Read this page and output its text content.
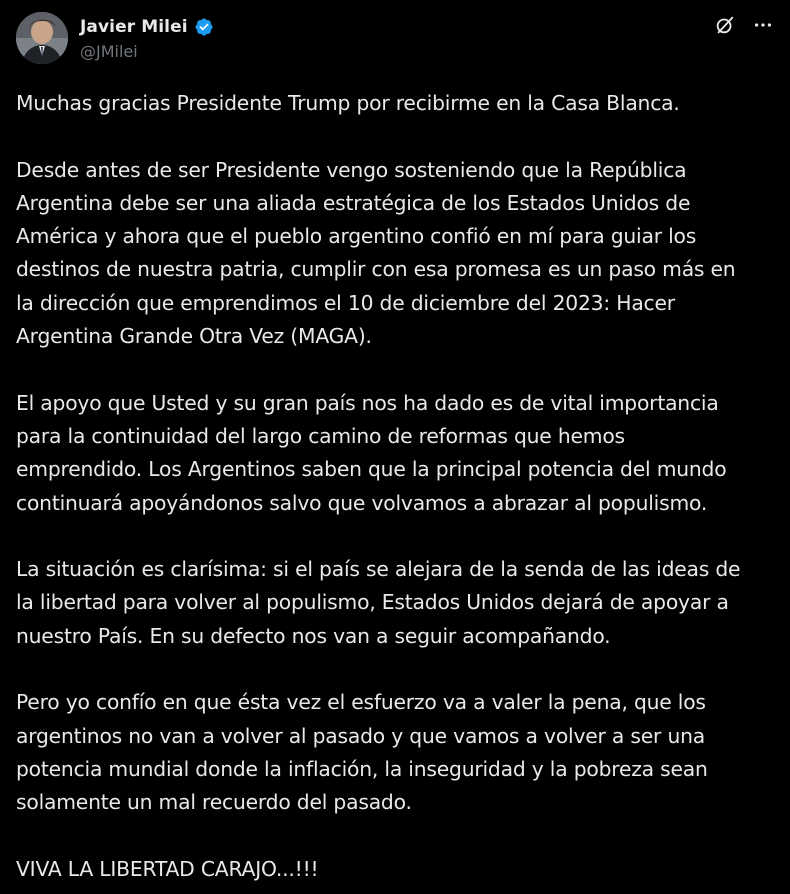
Javier Milei
@JMilei

Muchas gracias Presidente Trump por recibirme en la Casa Blanca.

Desde antes de ser Presidente vengo sosteniendo que la República
Argentina debe ser una aliada estratégica de los Estados Unidos de
América y ahora que el pueblo argentino confió en mí para guiar los
destinos de nuestra patria, cumplir con esa promesa es un paso más en
la dirección que emprendimos el 10 de diciembre del 2023: Hacer
Argentina Grande Otra Vez (MAGA).

El apoyo que Usted y su gran país nos ha dado es de vital importancia
para la continuidad del largo camino de reformas que hemos
emprendido. Los Argentinos saben que la principal potencia del mundo
continuará apoyándonos salvo que volvamos a abrazar al populismo.

La situación es clarísima: si el país se alejara de la senda de las ideas de
la libertad para volver al populismo, Estados Unidos dejará de apoyar a
nuestro País. En su defecto nos van a seguir acompañando.

Pero yo confío en que ésta vez el esfuerzo va a valer la pena, que los
argentinos no van a volver al pasado y que vamos a volver a ser una
potencia mundial donde la inflación, la inseguridad y la pobreza sean
solamente un mal recuerdo del pasado.

VIVA LA LIBERTAD CARAJO...!!!
